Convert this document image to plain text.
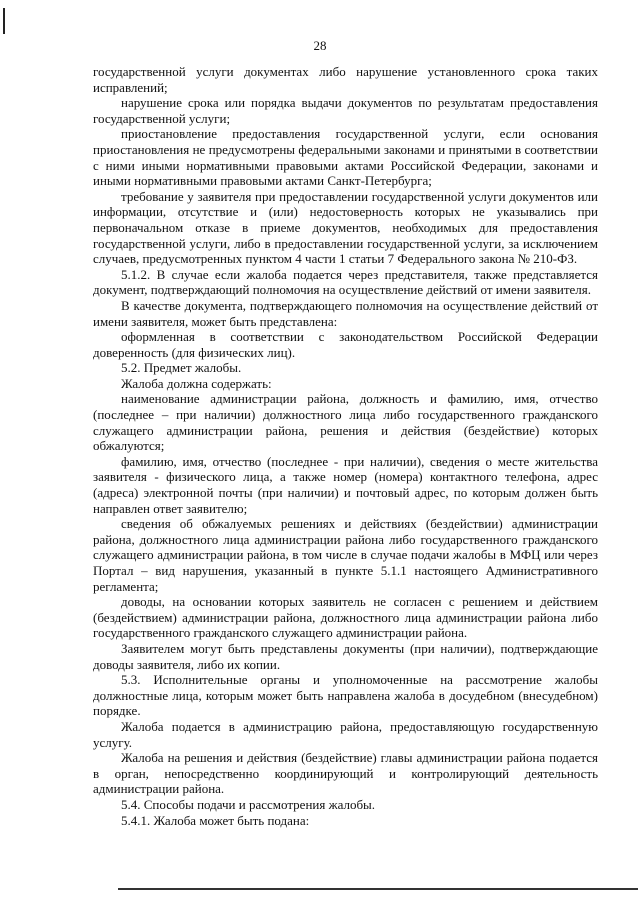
28

государственной услуги документах либо нарушение установленного срока таких исправлений;

нарушение срока или порядка выдачи документов по результатам предоставления государственной услуги;

приостановление предоставления государственной услуги, если основания приостановления не предусмотрены федеральными законами и принятыми в соответствии с ними иными нормативными правовыми актами Российской Федерации, законами и иными нормативными правовыми актами Санкт-Петербурга;

требование у заявителя при предоставлении государственной услуги документов или информации, отсутствие и (или) недостоверность которых не указывались при первоначальном отказе в приеме документов, необходимых для предоставления государственной услуги, либо в предоставлении государственной услуги, за исключением случаев, предусмотренных пунктом 4 части 1 статьи 7 Федерального закона № 210-ФЗ.

5.1.2. В случае если жалоба подается через представителя, также представляется документ, подтверждающий полномочия на осуществление действий от имени заявителя.

В качестве документа, подтверждающего полномочия на осуществление действий от имени заявителя, может быть представлена:

оформленная в соответствии с законодательством Российской Федерации доверенность (для физических лиц).

5.2. Предмет жалобы.

Жалоба должна содержать:

наименование администрации района, должность и фамилию, имя, отчество (последнее – при наличии) должностного лица либо государственного гражданского служащего администрации района, решения и действия (бездействие) которых обжалуются;

фамилию, имя, отчество (последнее - при наличии), сведения о месте жительства заявителя - физического лица, а также номер (номера) контактного телефона, адрес (адреса) электронной почты (при наличии) и почтовый адрес, по которым должен быть направлен ответ заявителю;

сведения об обжалуемых решениях и действиях (бездействии) администрации района, должностного лица администрации района либо государственного гражданского служащего администрации района, в том числе в случае подачи жалобы в МФЦ или через Портал – вид нарушения, указанный в пункте 5.1.1 настоящего Административного регламента;

доводы, на основании которых заявитель не согласен с решением и действием (бездействием) администрации района, должностного лица администрации района либо государственного гражданского служащего администрации района.

Заявителем могут быть представлены документы (при наличии), подтверждающие доводы заявителя, либо их копии.

5.3. Исполнительные органы и уполномоченные на рассмотрение жалобы должностные лица, которым может быть направлена жалоба в досудебном (внесудебном) порядке.

Жалоба подается в администрацию района, предоставляющую государственную услугу.

Жалоба на решения и действия (бездействие) главы администрации района подается в орган, непосредственно координирующий и контролирующий деятельность администрации района.

5.4. Способы подачи и рассмотрения жалобы.

5.4.1. Жалоба может быть подана:
